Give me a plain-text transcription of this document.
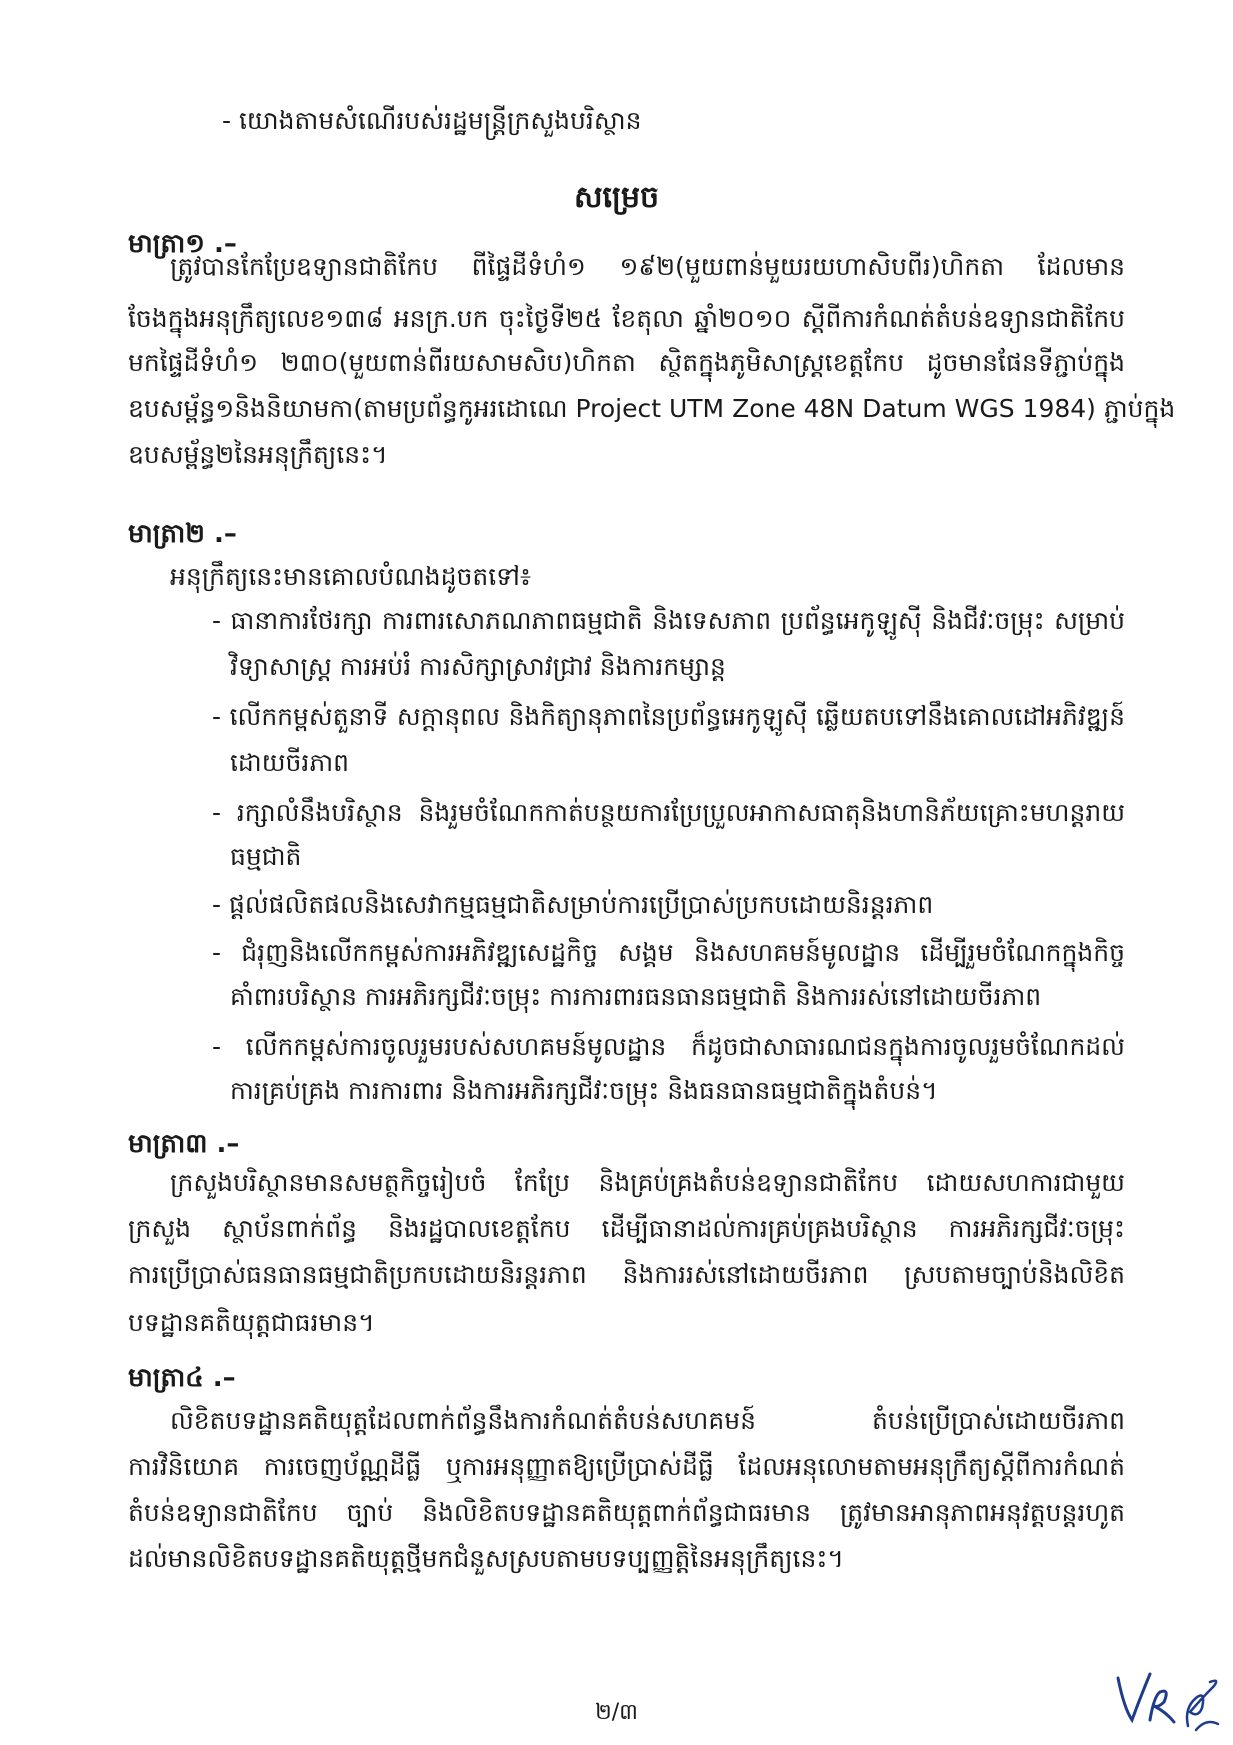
- យោងតាមសំណើរបស់រដ្ឋមន្ត្រីក្រសួងបរិស្ថាន
សម្រេច
មាត្រា១ .–
ត្រូវបានកែប្រែឧទ្យានជាតិកែប ពីផ្ទៃដីទំហំ១ ១៩២(មួយពាន់មួយរយហាសិបពីរ)ហិកតា ដែលមាន
ចែងក្នុងអនុក្រឹត្យលេខ១៣៨ អនក្រ.បក ចុះថ្ងៃទី២៥ ខែតុលា ឆ្នាំ២០១០ ស្តីពីការកំណត់តំបន់ឧទ្យានជាតិកែប
មកផ្ទៃដីទំហំ១ ២៣០(មួយពាន់ពីរយសាមសិប)ហិកតា ស្ថិតក្នុងភូមិសាស្ត្រខេត្តកែប ដូចមានផែនទីភ្ជាប់ក្នុង
ឧបសម្ព័ន្ធ១និងនិយាមកា(តាមប្រព័ន្ធកូអរដោណេ Project UTM Zone 48N Datum WGS 1984) ភ្ជាប់ក្នុង
ឧបសម្ព័ន្ធ២នៃអនុក្រឹត្យនេះ។
មាត្រា២ .–
អនុក្រឹត្យនេះមានគោលបំណងដូចតទៅ៖
- ធានាការថែរក្សា ការពារសោភណភាពធម្មជាតិ និងទេសភាព ប្រព័ន្ធអេកូឡូស៊ី និងជីវៈចម្រុះ សម្រាប់
វិទ្យាសាស្ត្រ ការអប់រំ ការសិក្សាស្រាវជ្រាវ និងការកម្សាន្ត
- លើកកម្ពស់តួនាទី សក្តានុពល និងកិត្យានុភាពនៃប្រព័ន្ធអេកូឡូស៊ី ឆ្លើយតបទៅនឹងគោលដៅអភិវឌ្ឍន៍
ដោយចីរភាព
- រក្សាលំនឹងបរិស្ថាន និងរួមចំណែកកាត់បន្ថយការប្រែប្រួលអាកាសធាតុនិងហានិភ័យគ្រោះមហន្តរាយ
ធម្មជាតិ
- ផ្តល់ផលិតផលនិងសេវាកម្មធម្មជាតិសម្រាប់ការប្រើប្រាស់ប្រកបដោយនិរន្តរភាព
- ជំរុញនិងលើកកម្ពស់ការអភិវឌ្ឍសេដ្ឋកិច្ច សង្គម និងសហគមន៍មូលដ្ឋាន ដើម្បីរួមចំណែកក្នុងកិច្ច
គាំពារបរិស្ថាន ការអភិរក្សជីវៈចម្រុះ ការការពារធនធានធម្មជាតិ និងការរស់នៅដោយចីរភាព
- លើកកម្ពស់ការចូលរួមរបស់សហគមន៍មូលដ្ឋាន ក៏ដូចជាសាធារណជនក្នុងការចូលរួមចំណែកដល់
ការគ្រប់គ្រង ការការពារ និងការអភិរក្សជីវៈចម្រុះ និងធនធានធម្មជាតិក្នុងតំបន់។
មាត្រា៣ .–
ក្រសួងបរិស្ថានមានសមត្ថកិច្ចរៀបចំ កែប្រែ និងគ្រប់គ្រងតំបន់ឧទ្យានជាតិកែប ដោយសហការជាមួយ
ក្រសួង ស្ថាប័នពាក់ព័ន្ធ និងរដ្ឋបាលខេត្តកែប ដើម្បីធានាដល់ការគ្រប់គ្រងបរិស្ថាន ការអភិរក្សជីវៈចម្រុះ
ការប្រើប្រាស់ធនធានធម្មជាតិប្រកបដោយនិរន្តរភាព និងការរស់នៅដោយចីរភាព ស្របតាមច្បាប់និងលិខិត
បទដ្ឋានគតិយុត្តជាធរមាន។
មាត្រា៤ .–
លិខិតបទដ្ឋានគតិយុត្តដែលពាក់ព័ន្ធនឹងការកំណត់តំបន់សហគមន៍ តំបន់ប្រើប្រាស់ដោយចីរភាព
ការវិនិយោគ ការចេញប័ណ្ណដីធ្លី ឬការអនុញ្ញាតឱ្យប្រើប្រាស់ដីធ្លី ដែលអនុលោមតាមអនុក្រឹត្យស្តីពីការកំណត់
តំបន់ឧទ្យានជាតិកែប ច្បាប់ និងលិខិតបទដ្ឋានគតិយុត្តពាក់ព័ន្ធជាធរមាន ត្រូវមានអានុភាពអនុវត្តបន្តរហូត
ដល់មានលិខិតបទដ្ឋានគតិយុត្តថ្មីមកជំនួសស្របតាមបទប្បញ្ញត្តិនៃអនុក្រឹត្យនេះ។
២/៣
